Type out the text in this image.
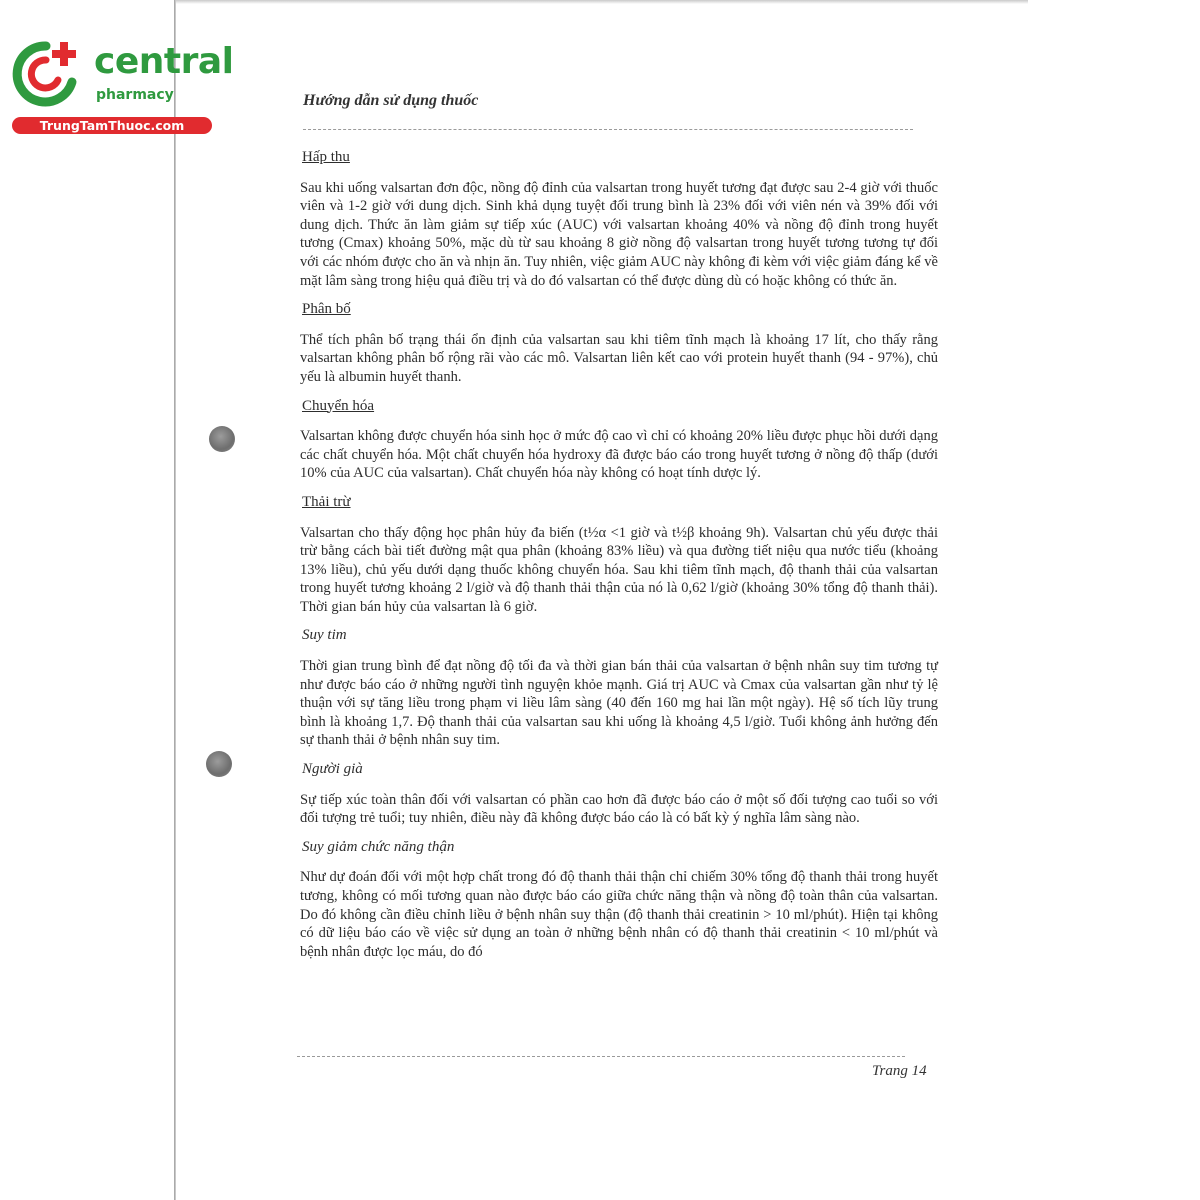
central
pharmacy
TrungTamThuoc.com
Hướng dẫn sử dụng thuốc
Hấp thu
Sau khi uống valsartan đơn độc, nồng độ đỉnh của valsartan trong huyết tương đạt được sau 2-4 giờ với thuốc viên và 1-2 giờ với dung dịch. Sinh khả dụng tuyệt đối trung bình là 23% đối với viên nén và 39% đối với dung dịch. Thức ăn làm giảm sự tiếp xúc (AUC) với valsartan khoảng 40% và nồng độ đỉnh trong huyết tương (Cmax) khoảng 50%, mặc dù từ sau khoảng 8 giờ nồng độ valsartan trong huyết tương tương tự đối với các nhóm được cho ăn và nhịn ăn. Tuy nhiên, việc giảm AUC này không đi kèm với việc giảm đáng kể về mặt lâm sàng trong hiệu quả điều trị và do đó valsartan có thể được dùng dù có hoặc không có thức ăn.
Phân bố
Thể tích phân bố trạng thái ổn định của valsartan sau khi tiêm tĩnh mạch là khoảng 17 lít, cho thấy rằng valsartan không phân bố rộng rãi vào các mô. Valsartan liên kết cao với protein huyết thanh (94 - 97%), chủ yếu là albumin huyết thanh.
Chuyển hóa
Valsartan không được chuyển hóa sinh học ở mức độ cao vì chỉ có khoảng 20% liều được phục hồi dưới dạng các chất chuyển hóa. Một chất chuyển hóa hydroxy đã được báo cáo trong huyết tương ở nồng độ thấp (dưới 10% của AUC của valsartan). Chất chuyển hóa này không có hoạt tính dược lý.
Thải trừ
Valsartan cho thấy động học phân hủy đa biến (t½α <1 giờ và t½β khoảng 9h). Valsartan chủ yếu được thải trừ bằng cách bài tiết đường mật qua phân (khoảng 83% liều) và qua đường tiết niệu qua nước tiểu (khoảng 13% liều), chủ yếu dưới dạng thuốc không chuyển hóa. Sau khi tiêm tĩnh mạch, độ thanh thải của valsartan trong huyết tương khoảng 2 l/giờ và độ thanh thải thận của nó là 0,62 l/giờ (khoảng 30% tổng độ thanh thải). Thời gian bán hủy của valsartan là 6 giờ.
Suy tim
Thời gian trung bình để đạt nồng độ tối đa và thời gian bán thải của valsartan ở bệnh nhân suy tim tương tự như được báo cáo ở những người tình nguyện khỏe mạnh. Giá trị AUC và Cmax của valsartan gần như tỷ lệ thuận với sự tăng liều trong phạm vi liều lâm sàng (40 đến 160 mg hai lần một ngày). Hệ số tích lũy trung bình là khoảng 1,7. Độ thanh thải của valsartan sau khi uống là khoảng 4,5 l/giờ. Tuổi không ảnh hưởng đến sự thanh thải ở bệnh nhân suy tim.
Người già
Sự tiếp xúc toàn thân đối với valsartan có phần cao hơn đã được báo cáo ở một số đối tượng cao tuổi so với đối tượng trẻ tuổi; tuy nhiên, điều này đã không được báo cáo là có bất kỳ ý nghĩa lâm sàng nào.
Suy giảm chức năng thận
Như dự đoán đối với một hợp chất trong đó độ thanh thải thận chỉ chiếm 30% tổng độ thanh thải trong huyết tương, không có mối tương quan nào được báo cáo giữa chức năng thận và nồng độ toàn thân của valsartan. Do đó không cần điều chỉnh liều ở bệnh nhân suy thận (độ thanh thải creatinin > 10 ml/phút). Hiện tại không có dữ liệu báo cáo về việc sử dụng an toàn ở những bệnh nhân có độ thanh thải creatinin < 10 ml/phút và bệnh nhân được lọc máu, do đó
Trang 14
